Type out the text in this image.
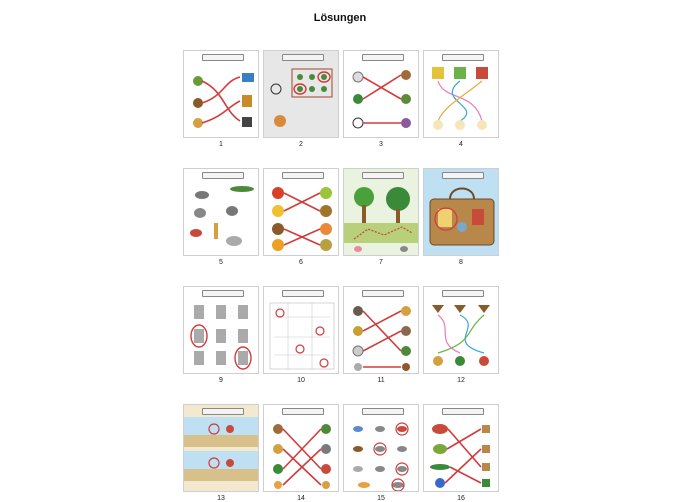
Lösungen
1	2	3	4
5	6	7	8
9	10	11	12
13	14	15	16
